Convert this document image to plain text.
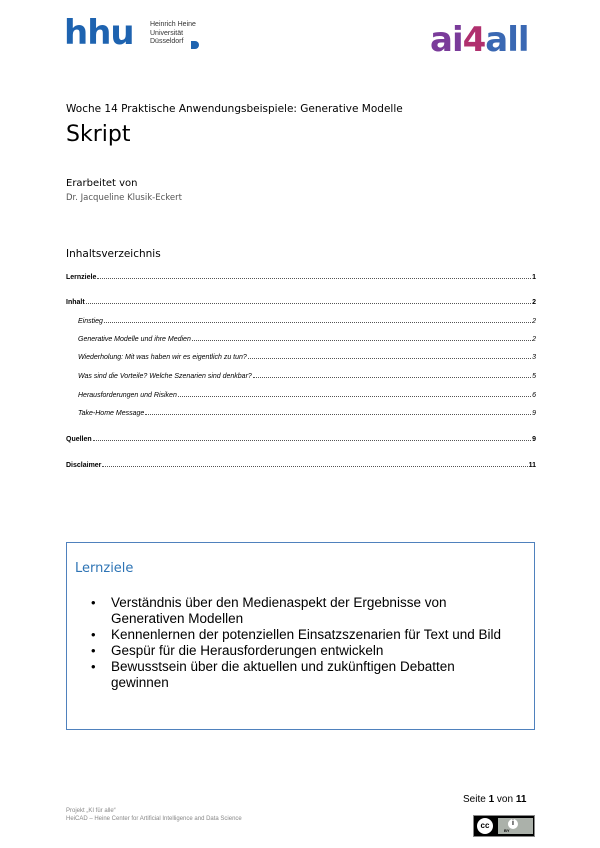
hhu Heinrich Heine
Universität
Düsseldorf	ai4all
Woche 14 Praktische Anwendungsbeispiele: Generative Modelle
Skript
Erarbeitet von
Dr. Jacqueline Klusik-Eckert
Inhaltsverzeichnis
Lernziele	1
Inhalt	2
Einstieg	2
Generative Modelle und ihre Medien	2
Wiederholung: Mit was haben wir es eigentlich zu tun?	3
Was sind die Vorteile? Welche Szenarien sind denkbar?	5
Herausforderungen und Risiken	6
Take-Home Message	9
Quellen	9
Disclaimer	11
Lernziele
• Verständnis über den Medienaspekt der Ergebnisse von Generativen Modellen
• Kennenlernen der potenziellen Einsatzszenarien für Text und Bild
• Gespür für die Herausforderungen entwickeln
• Bewusstsein über die aktuellen und zukünftigen Debatten gewinnen
Seite 1 von 11
Projekt „KI für alle“
HeiCAD – Heine Center for Artificial Intelligence and Data Science
cc	i
BY
